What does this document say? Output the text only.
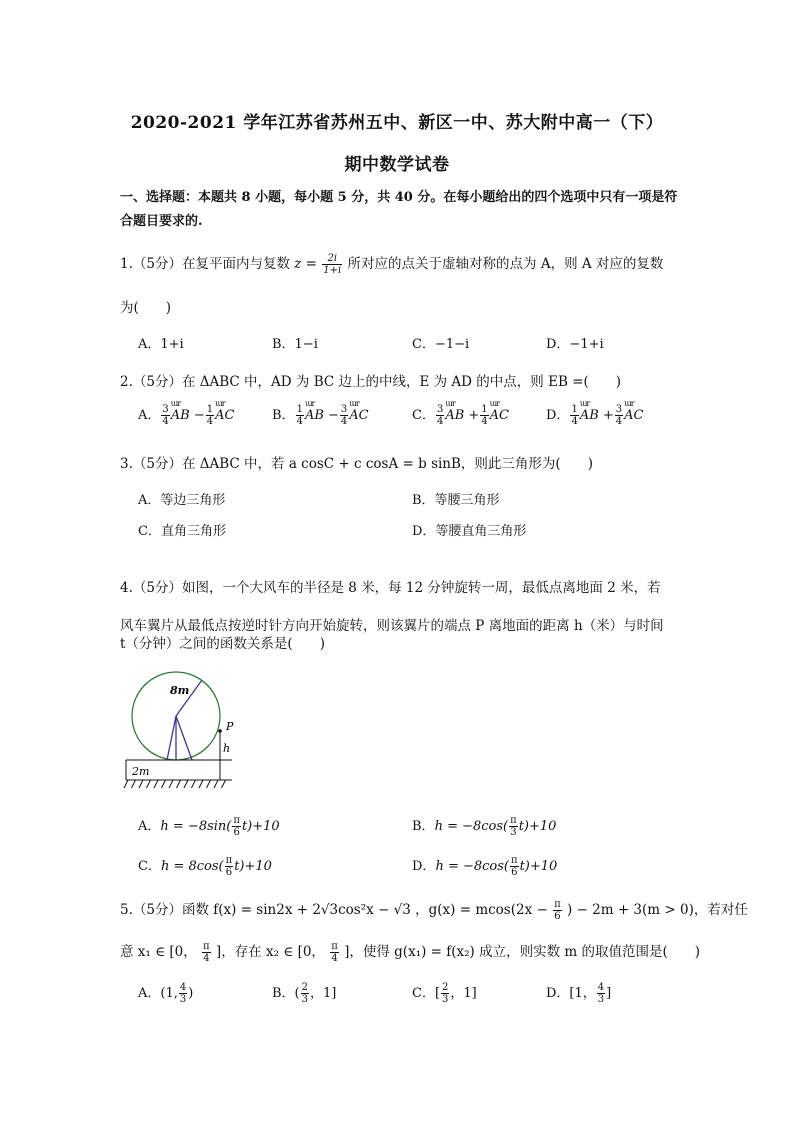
2020-2021 学年江苏省苏州五中、新区一中、苏大附中高一（下）
期中数学试卷
一、选择题：本题共 8 小题，每小题 5 分，共 40 分。在每小题给出的四个选项中只有一项是符合题目要求的.
1.（5分）在复平面内与复数 $z = \frac{2i}{1+i}$ 所对应的点关于虚轴对称的点为 A，则 A 对应的复数
为(　　)
A．1+i	B．1−i	C．−1−i	D．−1+i
2.（5分）在 ΔABC 中，AD 为 BC 边上的中线，E 为 AD 的中点，则 EB =(　　)
A． $\frac{3}{4}$ ɯr AB − $\frac{1}{4}$ ɯr AC	B． $\frac{1}{4}$ ɯr AB − $\frac{3}{4}$ ɯr AC	C． $\frac{3}{4}$ ɯr AB + $\frac{1}{4}$ ɯr AC	D． $\frac{1}{4}$ ɯr AB + $\frac{3}{4}$ ɯr AC
3.（5分）在 ΔABC 中，若 a cosC + c cosA = b sinB，则此三角形为(　　)
A．等边三角形	B．等腰三角形
C．直角三角形	D．等腰直角三角形
4.（5分）如图，一个大风车的半径是 8 米，每 12 分钟旋转一周，最低点离地面 2 米，若
风车翼片从最低点按逆时针方向开始旋转，则该翼片的端点 P 离地面的距离 h（米）与时间
t（分钟）之间的函数关系是(　　)
8m
P
h
2m
A．$h = -8\sin( \frac{\pi}{6} t)+10$	B．$h = -8\cos( \frac{\pi}{3} t)+10$
C．$h = 8\cos( \frac{\pi}{6} t)+10$	D．$h = -8\cos( \frac{\pi}{6} t)+10$
5.（5分）函数 f(x) = sin2x + 2√3cos²x − √3 ，$g(x) = mcos(2x - \frac{\pi}{6}$ ) − 2m + 3(m > 0)，若对任
意 x₁ ∈ [0， $\frac{\pi}{4}$ ]，存在 x₂ ∈ [0， $\frac{\pi}{4}$ ]，使得 g(x₁) = f(x₂) 成立，则实数 m 的取值范围是(　　)
A．(1, $\frac{4}{3}$ )	B．( $\frac{2}{3}$ ，1]	C．[ $\frac{2}{3}$ ，1]	D．[1， $\frac{4}{3}$ ]
